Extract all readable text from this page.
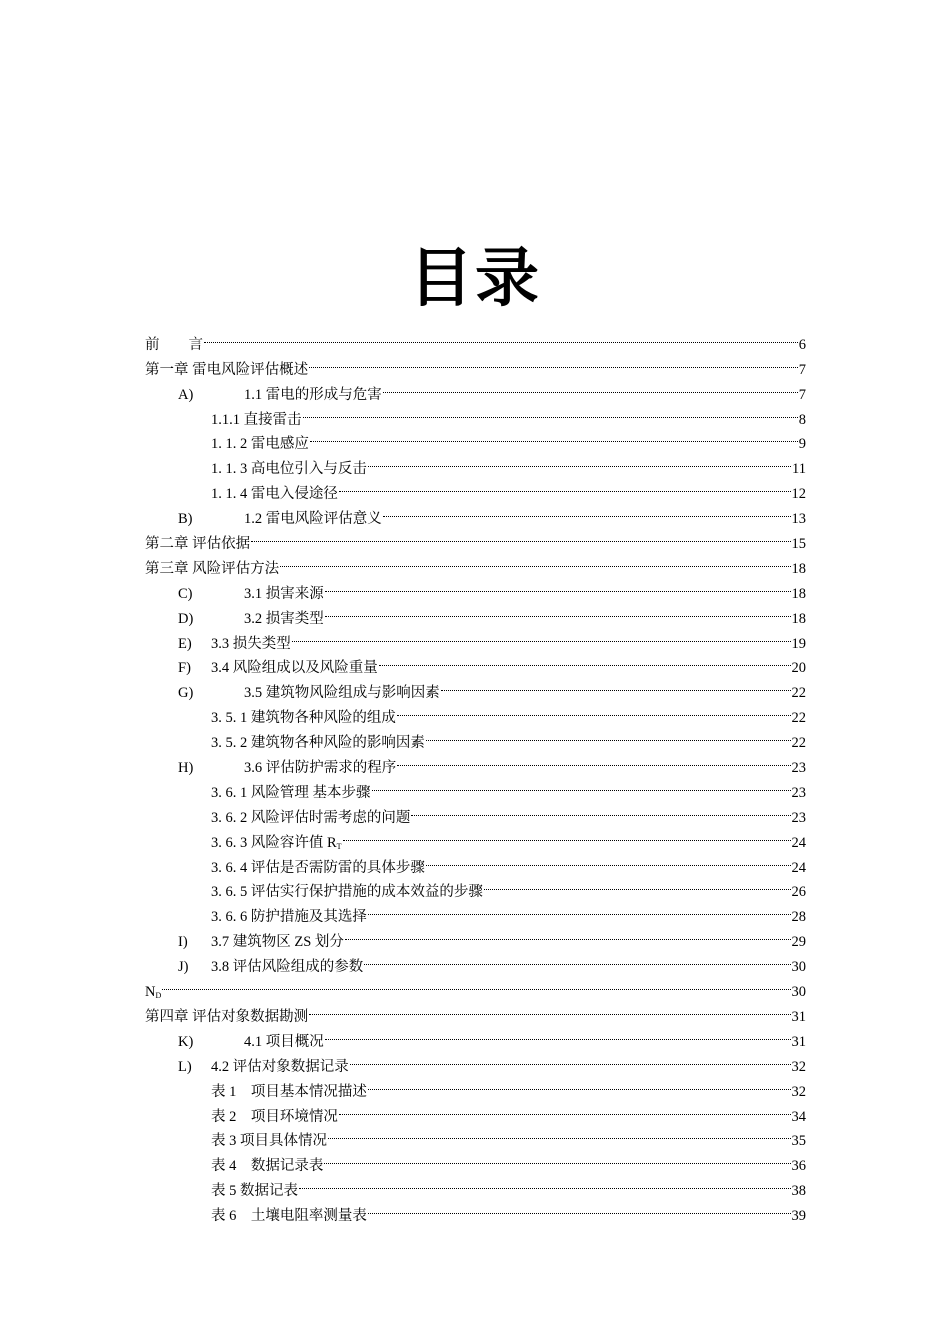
目录
前　　言	6
第一章 雷电风险评估概述	7
A)	1.1 雷电的形成与危害	7
1.1.1 直接雷击	8
1. 1. 2 雷电感应	9
1. 1. 3 高电位引入与反击	11
1. 1. 4 雷电入侵途径	12
B)	1.2 雷电风险评估意义	13
第二章 评估依据	15
第三章 风险评估方法	18
C)	3.1 损害来源	18
D)	3.2 损害类型	18
E)	3.3 损失类型	19
F)	3.4 风险组成以及风险重量	20
G)	3.5 建筑物风险组成与影响因素	22
3. 5. 1 建筑物各种风险的组成	22
3. 5. 2 建筑物各种风险的影响因素	22
H)	3.6 评估防护需求的程序	23
3. 6. 1 风险管理 基本步骤	23
3. 6. 2 风险评估时需考虑的问题	23
3. 6. 3 风险容许值 RT	24
3. 6. 4 评估是否需防雷的具体步骤	24
3. 6. 5 评估实行保护措施的成本效益的步骤	26
3. 6. 6 防护措施及其选择	28
I)	3.7 建筑物区 ZS 划分	29
J)	3.8 评估风险组成的参数	30
ND	30
第四章 评估对象数据勘测	31
K)	4.1 项目概况	31
L)	4.2 评估对象数据记录	32
表 1　项目基本情况描述	32
表 2　项目环境情况	34
表 3 项目具体情况	35
表 4　数据记录表	36
表 5 数据记表	38
表 6　土壤电阻率测量表	39
